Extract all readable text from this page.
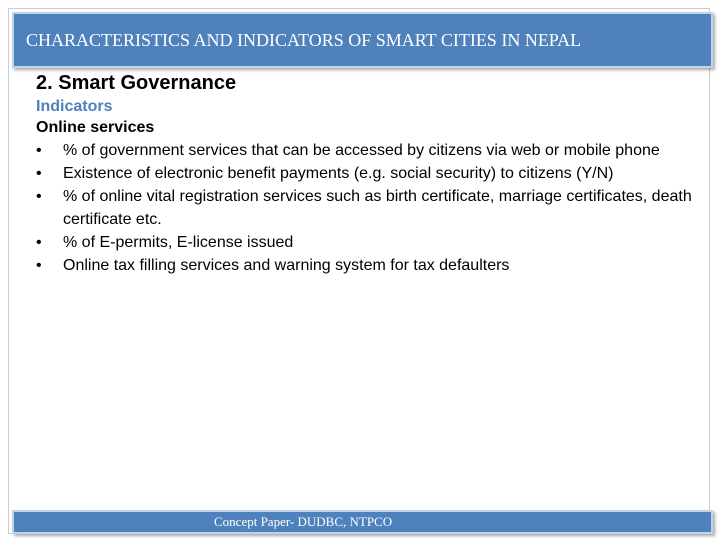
CHARACTERISTICS AND INDICATORS OF SMART CITIES IN NEPAL
2. Smart Governance
Indicators
Online services
•	% of government services that can be accessed by citizens via web or mobile phone
•	Existence of electronic benefit payments (e.g. social security) to citizens (Y/N)
•	% of online vital registration services such as birth certificate, marriage certificates, death certificate etc.
•	% of E-permits, E-license issued
•	Online tax filling services and warning system for tax defaulters
Concept Paper- DUDBC, NTPCO
